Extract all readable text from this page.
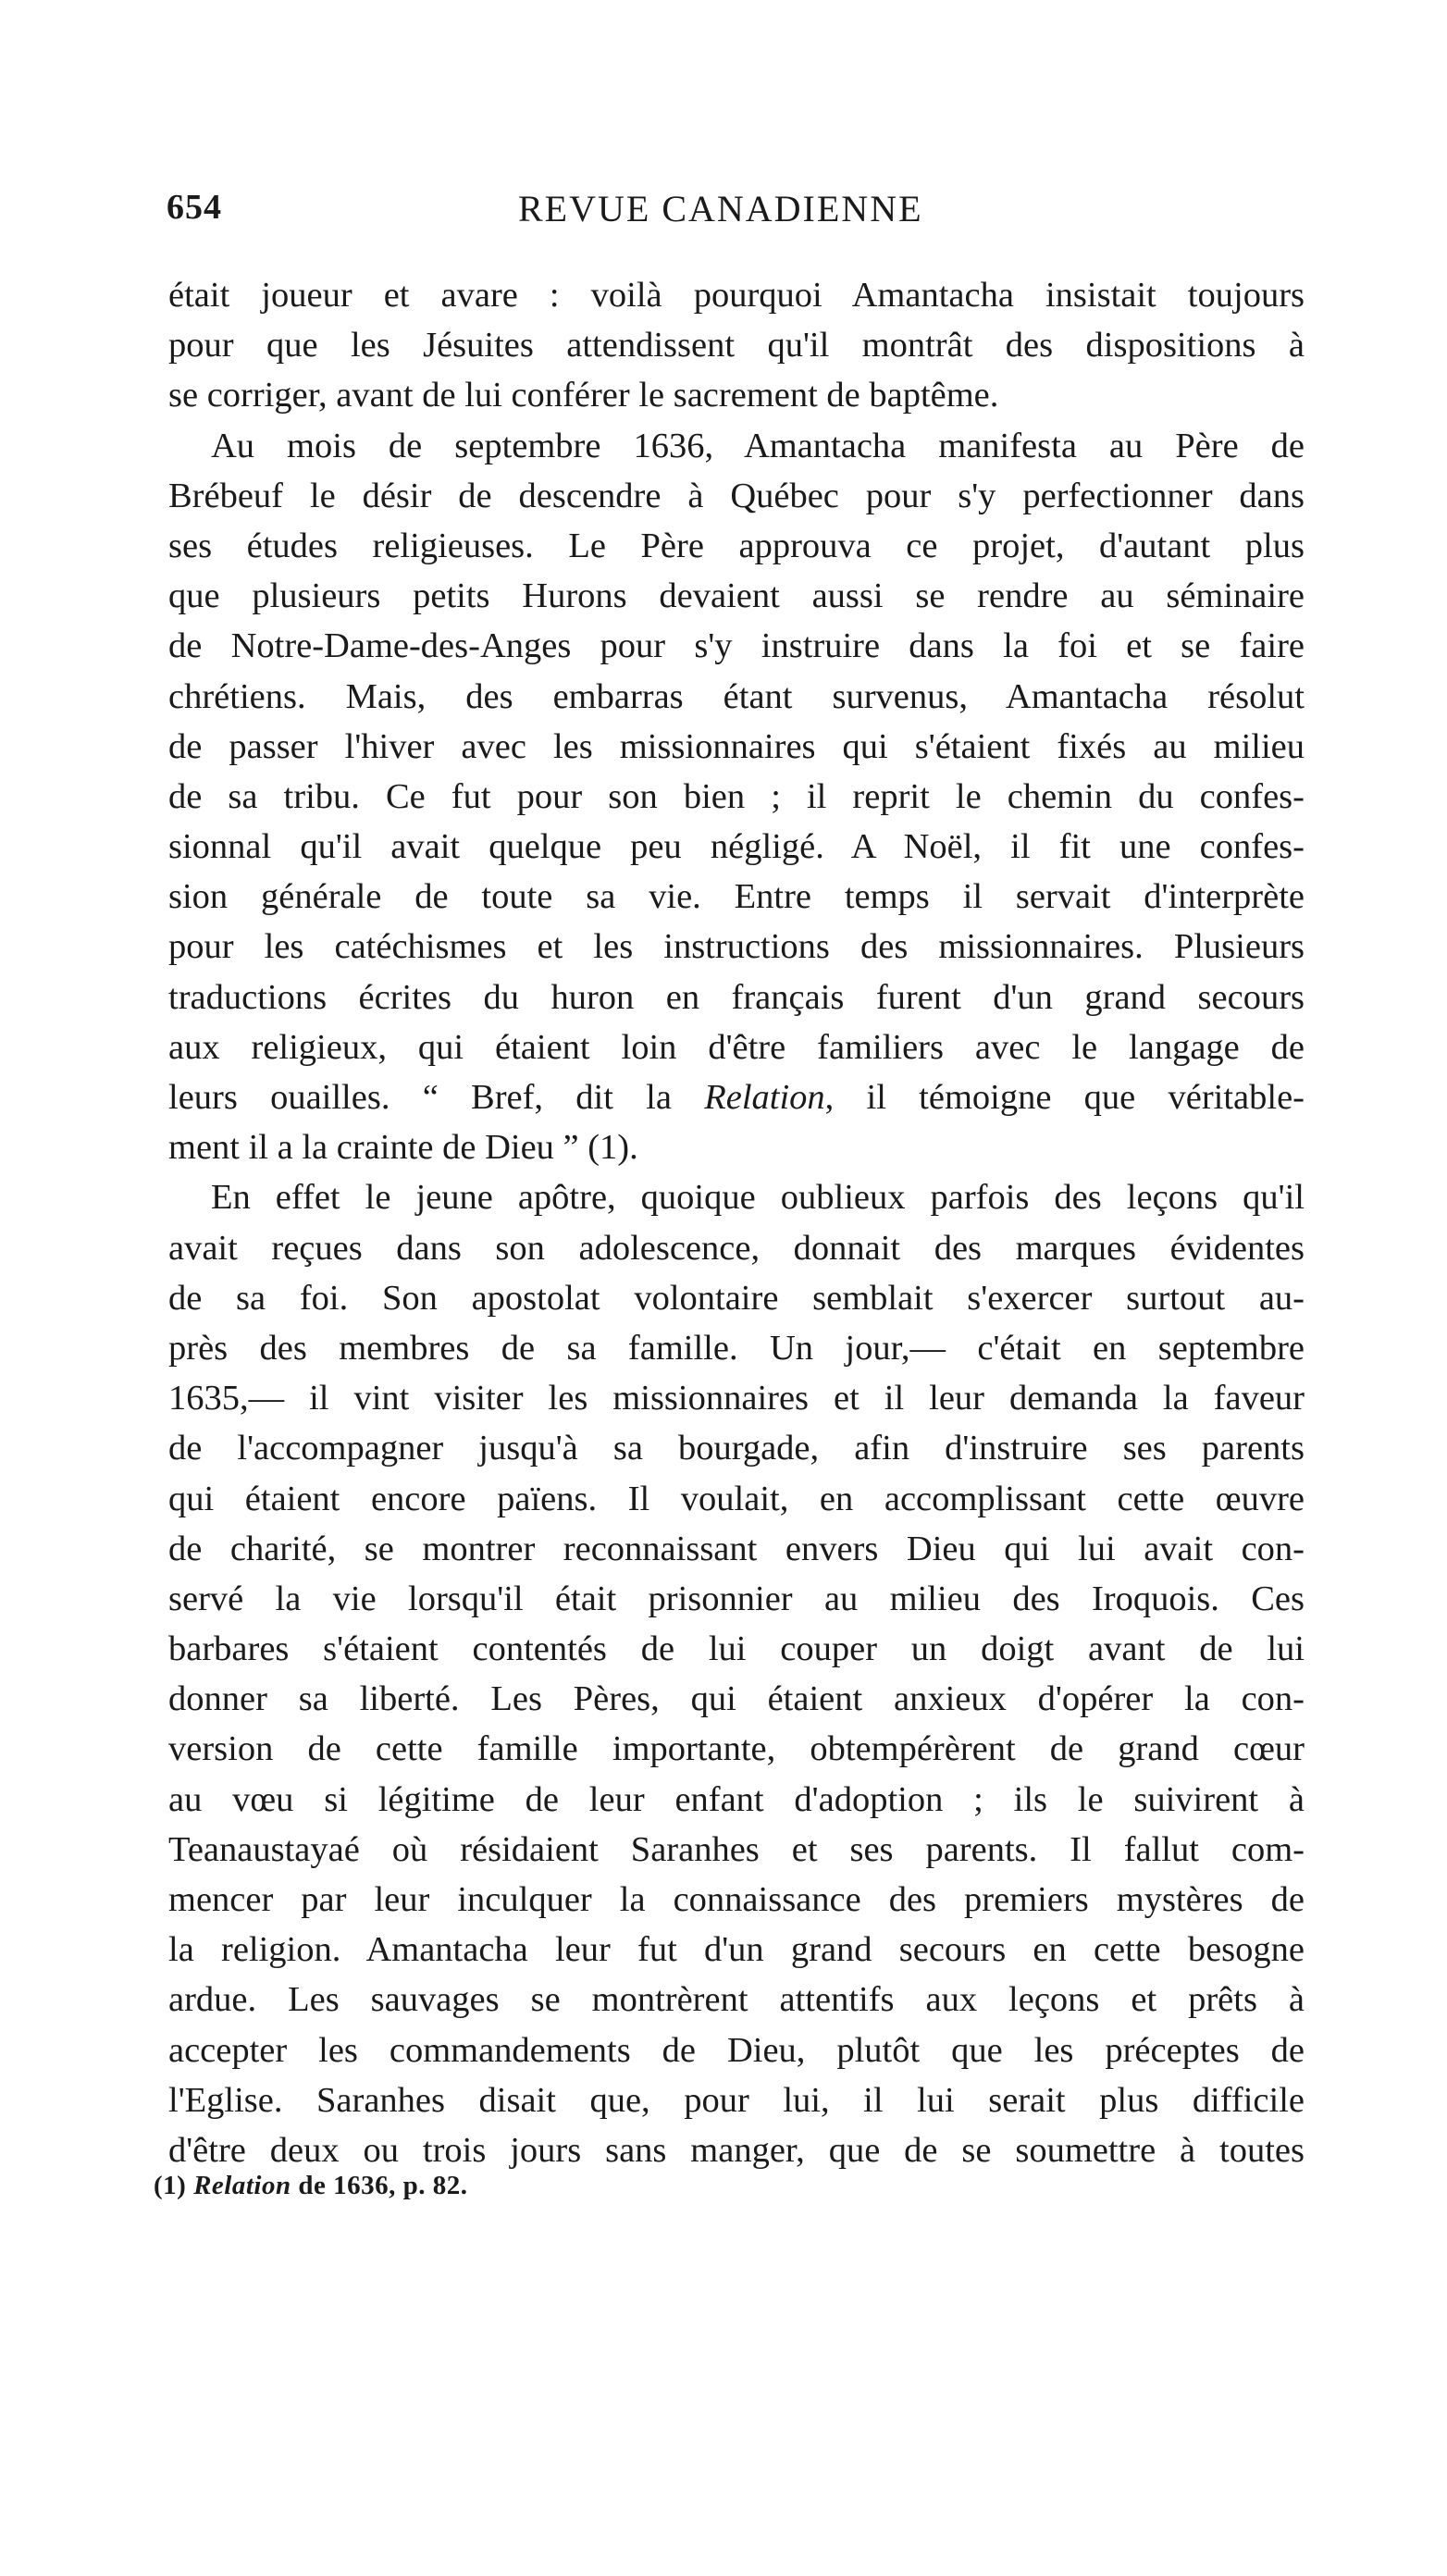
654	REVUE CANADIENNE
était joueur et avare : voilà pourquoi Amantacha insistait toujours
pour que les Jésuites attendissent qu'il montrât des dispositions à
se corriger, avant de lui conférer le sacrement de baptême.
Au mois de septembre 1636, Amantacha manifesta au Père de
Brébeuf le désir de descendre à Québec pour s'y perfectionner dans
ses études religieuses. Le Père approuva ce projet, d'autant plus
que plusieurs petits Hurons devaient aussi se rendre au séminaire
de Notre-Dame-des-Anges pour s'y instruire dans la foi et se faire
chrétiens. Mais, des embarras étant survenus, Amantacha résolut
de passer l'hiver avec les missionnaires qui s'étaient fixés au milieu
de sa tribu. Ce fut pour son bien ; il reprit le chemin du confes-
sionnal qu'il avait quelque peu négligé. A Noël, il fit une confes-
sion générale de toute sa vie. Entre temps il servait d'interprète
pour les catéchismes et les instructions des missionnaires. Plusieurs
traductions écrites du huron en français furent d'un grand secours
aux religieux, qui étaient loin d'être familiers avec le langage de
leurs ouailles. “ Bref, dit la Relation, il témoigne que véritable-
ment il a la crainte de Dieu ” (1).
En effet le jeune apôtre, quoique oublieux parfois des leçons qu'il
avait reçues dans son adolescence, donnait des marques évidentes
de sa foi. Son apostolat volontaire semblait s'exercer surtout au-
près des membres de sa famille. Un jour,— c'était en septembre
1635,— il vint visiter les missionnaires et il leur demanda la faveur
de l'accompagner jusqu'à sa bourgade, afin d'instruire ses parents
qui étaient encore païens. Il voulait, en accomplissant cette œuvre
de charité, se montrer reconnaissant envers Dieu qui lui avait con-
servé la vie lorsqu'il était prisonnier au milieu des Iroquois. Ces
barbares s'étaient contentés de lui couper un doigt avant de lui
donner sa liberté. Les Pères, qui étaient anxieux d'opérer la con-
version de cette famille importante, obtempérèrent de grand cœur
au vœu si légitime de leur enfant d'adoption ; ils le suivirent à
Teanaustayaé où résidaient Saranhes et ses parents. Il fallut com-
mencer par leur inculquer la connaissance des premiers mystères de
la religion. Amantacha leur fut d'un grand secours en cette besogne
ardue. Les sauvages se montrèrent attentifs aux leçons et prêts à
accepter les commandements de Dieu, plutôt que les préceptes de
l'Eglise. Saranhes disait que, pour lui, il lui serait plus difficile
d'être deux ou trois jours sans manger, que de se soumettre à toutes
(1) Relation de 1636, p. 82.
